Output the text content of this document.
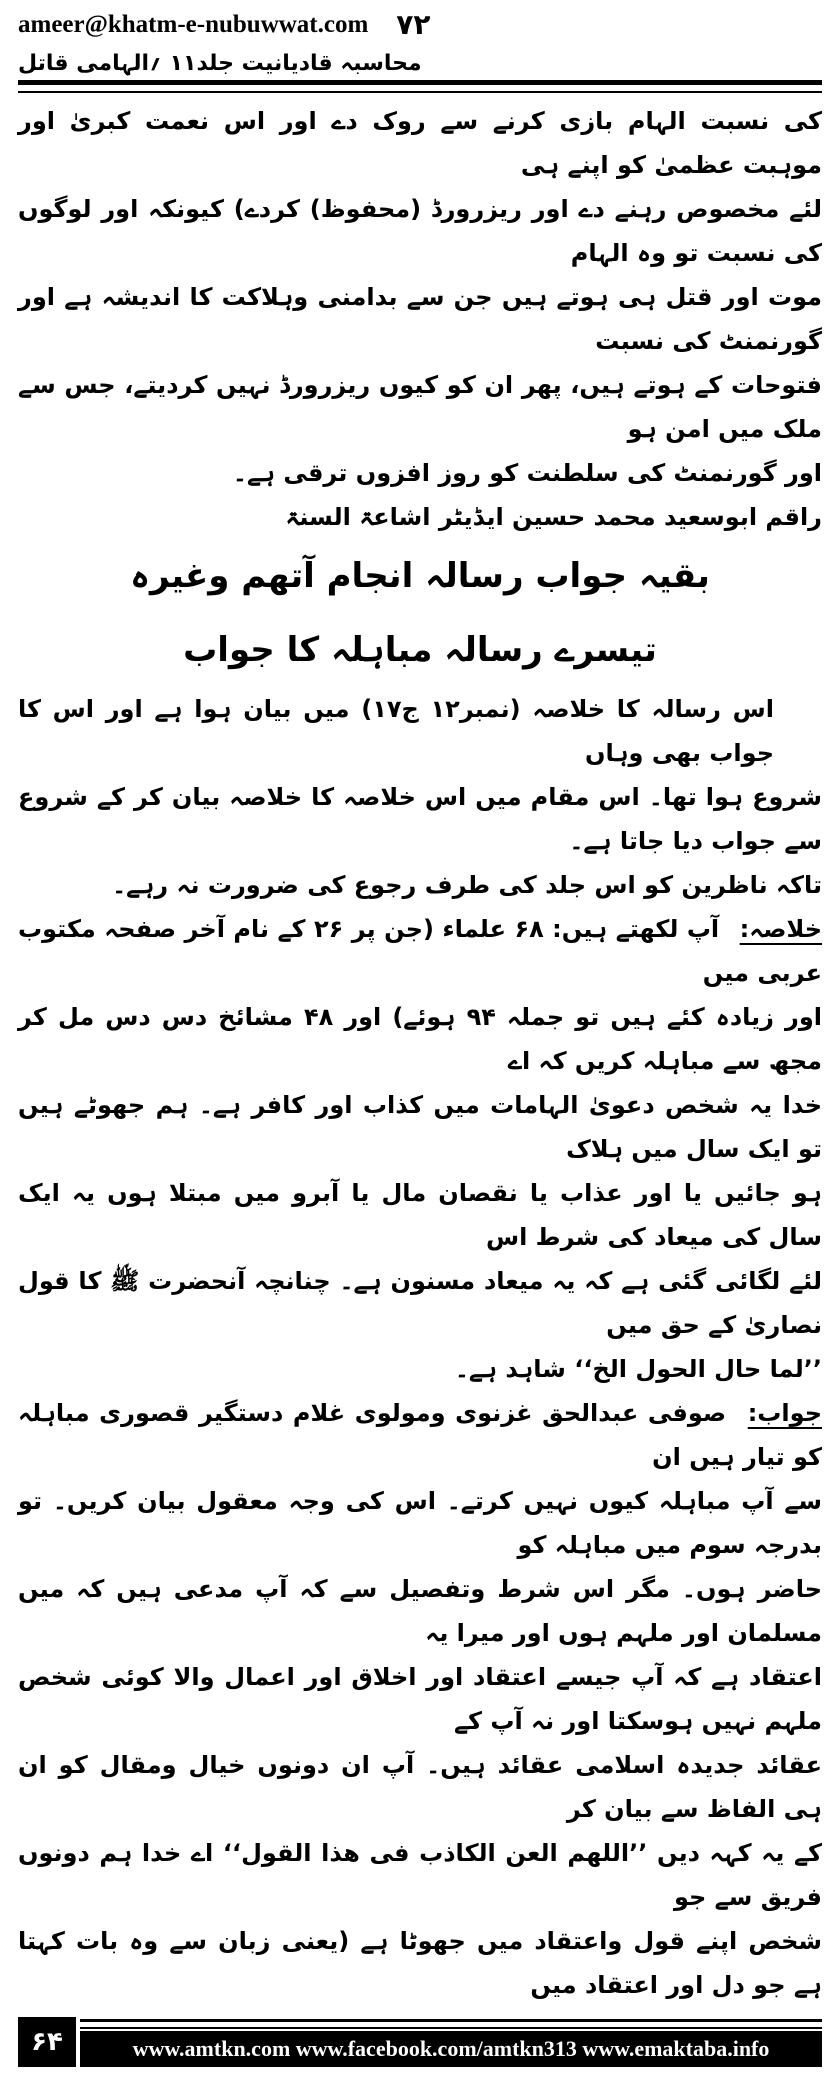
ameer@khatm-e-nubuwwat.com ۷۲
محاسبہ قادیانیت جلد۱۱ ؍الہامی قاتل
کی نسبت الہام بازی کرنے سے روک دے اور اس نعمت کبریٰ اور موہبت عظمیٰ کو اپنے ہی
لئے مخصوص رہنے دے اور ریزرورڈ (محفوظ) کردے) کیونکہ اور لوگوں کی نسبت تو وہ الہام
موت اور قتل ہی ہوتے ہیں جن سے بدامنی وہلاکت کا اندیشہ ہے اور گورنمنٹ کی نسبت
فتوحات کے ہوتے ہیں، پھر ان کو کیوں ریزرورڈ نہیں کردیتے، جس سے ملک میں امن ہو
اور گورنمنٹ کی سلطنت کو روز افزوں ترقی ہے۔
راقم ابوسعید محمد حسین ایڈیٹر اشاعۃ السنۃ
بقیہ جواب رسالہ انجام آتھم وغیرہ
تیسرے رسالہ مباہلہ کا جواب
اس رسالہ کا خلاصہ (نمبر۱۲ ج۱۷) میں بیان ہوا ہے اور اس کا جواب بھی وہاں
شروع ہوا تھا۔ اس مقام میں اس خلاصہ کا خلاصہ بیان کر کے شروع سے جواب دیا جاتا ہے۔
تاکہ ناظرین کو اس جلد کی طرف رجوع کی ضرورت نہ رہے۔
خلاصہ: آپ لکھتے ہیں: ۶۸ علماء (جن پر ۲۶ کے نام آخر صفحہ مکتوب عربی میں
اور زیادہ کئے ہیں تو جملہ ۹۴ ہوئے) اور ۴۸ مشائخ دس دس مل کر مجھ سے مباہلہ کریں کہ اے
خدا یہ شخص دعویٰ الہامات میں کذاب اور کافر ہے۔ ہم جھوٹے ہیں تو ایک سال میں ہلاک
ہو جائیں یا اور عذاب یا نقصان مال یا آبرو میں مبتلا ہوں یہ ایک سال کی میعاد کی شرط اس
لئے لگائی گئی ہے کہ یہ میعاد مسنون ہے۔ چنانچہ آنحضرت ﷺ کا قول نصاریٰ کے حق میں
’’لما حال الحول الخ‘‘ شاہد ہے۔
جواب: صوفی عبدالحق غزنوی ومولوی غلام دستگیر قصوری مباہلہ کو تیار ہیں ان
سے آپ مباہلہ کیوں نہیں کرتے۔ اس کی وجہ معقول بیان کریں۔ تو بدرجہ سوم میں مباہلہ کو
حاضر ہوں۔ مگر اس شرط وتفصیل سے کہ آپ مدعی ہیں کہ میں مسلمان اور ملہم ہوں اور میرا یہ
اعتقاد ہے کہ آپ جیسے اعتقاد اور اخلاق اور اعمال والا کوئی شخص ملہم نہیں ہوسکتا اور نہ آپ کے
عقائد جدیدہ اسلامی عقائد ہیں۔ آپ ان دونوں خیال ومقال کو ان ہی الفاظ سے بیان کر
کے یہ کہہ دیں ’’اللھم العن الکاذب فی ھذا القول‘‘ اے خدا ہم دونوں فریق سے جو
شخص اپنے قول واعتقاد میں جھوٹا ہے (یعنی زبان سے وہ بات کہتا ہے جو دل اور اعتقاد میں
۶۴	www.amtkn.com www.facebook.com/amtkn313 www.emaktaba.info
